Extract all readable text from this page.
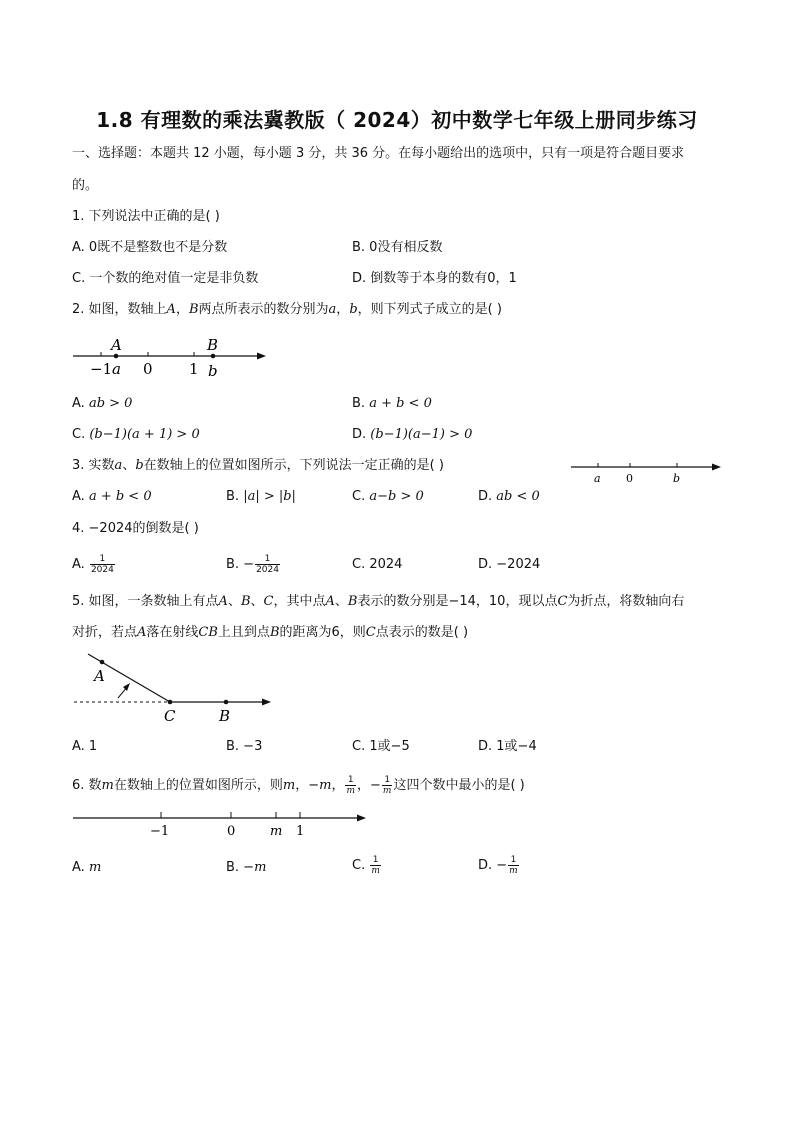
1.8 有理数的乘法冀教版（ 2024）初中数学七年级上册同步练习
一、选择题：本题共 12 小题，每小题 3 分，共 36 分。在每小题给出的选项中，只有一项是符合题目要求
的。
1. 下列说法中正确的是( )
A. 0既不是整数也不是分数	B. 0没有相反数
C. 一个数的绝对值一定是非负数	D. 倒数等于本身的数有0，1
2. 如图，数轴上A，B两点所表示的数分别为a，b，则下列式子成立的是( )
A	B
−1 a 0 1 b
A. ab > 0	B. a + b < 0
C. (b−1)(a + 1) > 0	D. (b−1)(a−1) > 0
3. 实数a、b在数轴上的位置如图所示，下列说法一定正确的是( )
a 0	b
A. a + b < 0	B. |a| > |b|	C. a−b > 0	D. ab < 0
4. −2024的倒数是( )
A. $\frac{1}{2024}$	B. − $\frac{1}{2024}$	C. 2024	D. −2024
5. 如图，一条数轴上有点A、B、C，其中点A、B表示的数分别是−14，10，现以点C为折点，将数轴向右
对折，若点A落在射线CB上且到点B的距离为6，则C点表示的数是( )
A
C	B
A. 1	B. −3	C. 1或−5	D. 1或−4
6. 数m在数轴上的位置如图所示，则m，−m， $\frac{1}{m}$ ，− $\frac{1}{m}$ 这四个数中最小的是( )
−1	0	m 1
A. m	B. −m	C. $\frac{1}{m}$	D. − $\frac{1}{m}$
